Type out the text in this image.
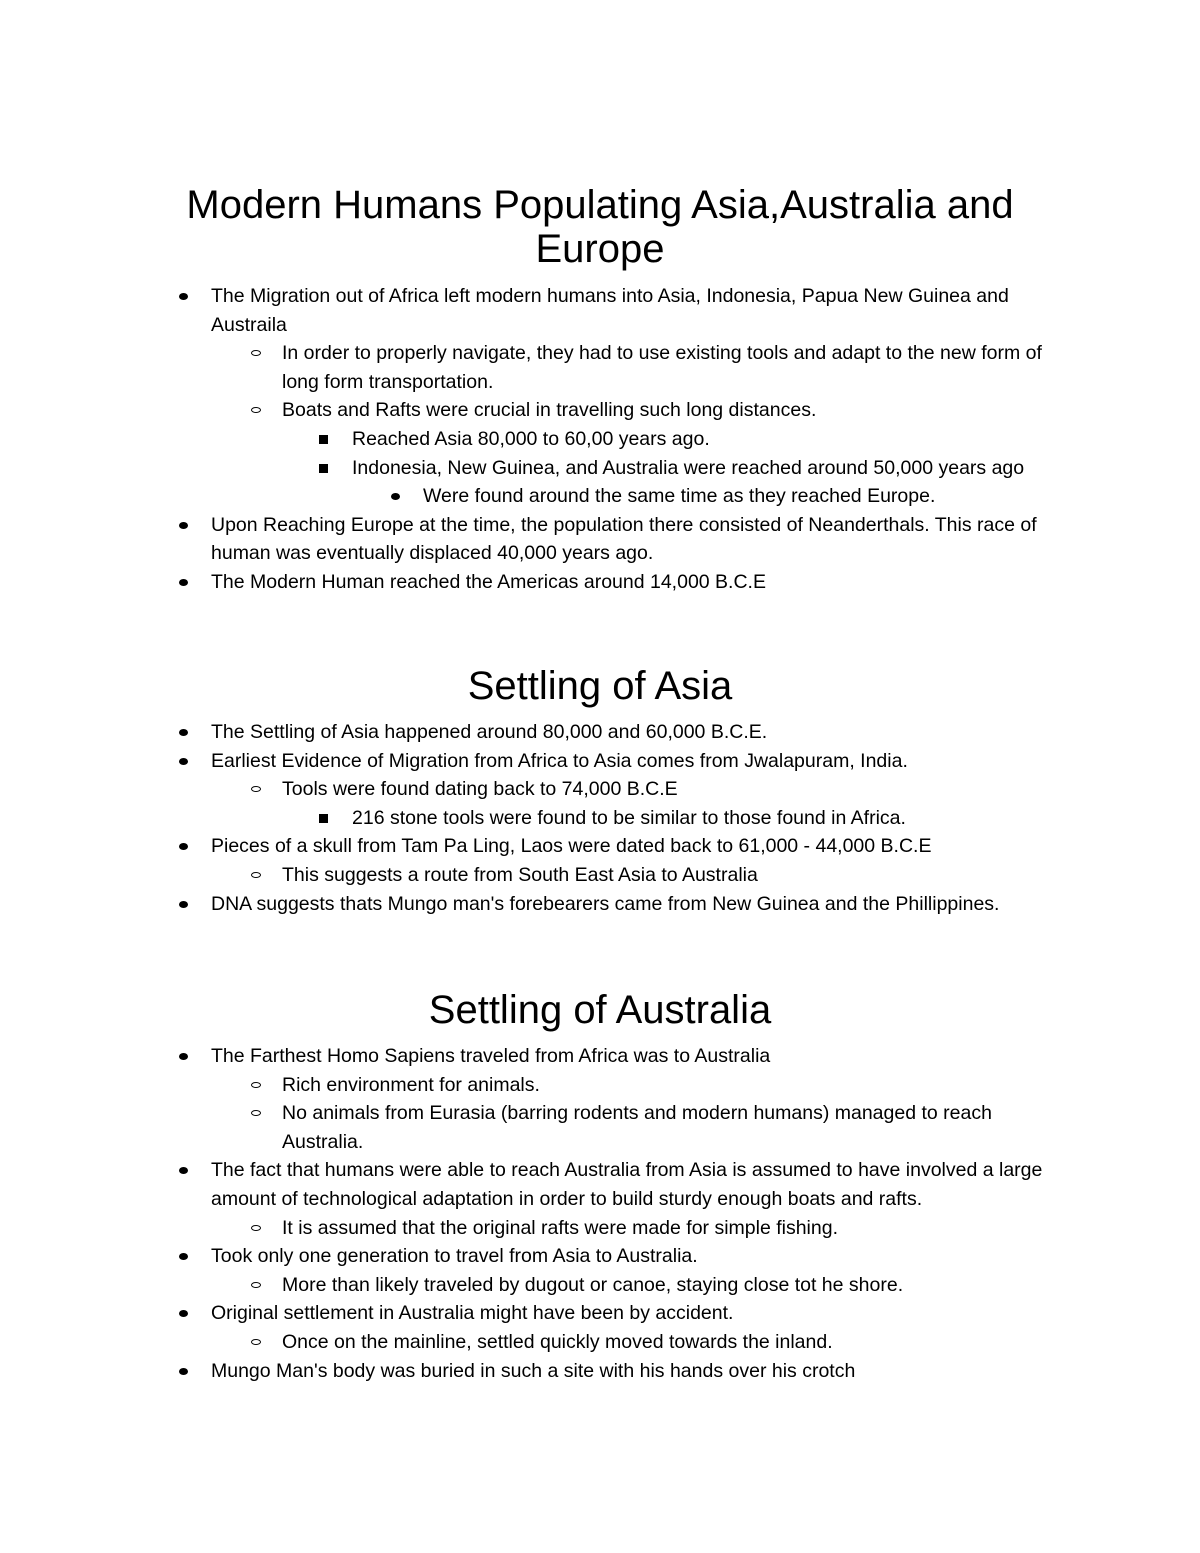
Modern Humans Populating Asia,Australia and
Europe
The Migration out of Africa left modern humans into Asia, Indonesia, Papua New Guinea and Austraila
In order to properly navigate, they had to use existing tools and adapt to the new form of long form transportation.
Boats and Rafts were crucial in travelling such long distances.
Reached Asia 80,000 to 60,00 years ago.
Indonesia, New Guinea, and Australia were reached around 50,000 years ago
Were found around the same time as they reached Europe.
Upon Reaching Europe at the time, the population there consisted of Neanderthals. This race of human was eventually displaced 40,000 years ago.
The Modern Human reached the Americas around 14,000 B.C.E
Settling of Asia
The Settling of Asia happened around 80,000 and 60,000 B.C.E.
Earliest Evidence of Migration from Africa to Asia comes from Jwalapuram, India.
Tools were found dating back to 74,000 B.C.E
216 stone tools were found to be similar to those found in Africa.
Pieces of a skull from Tam Pa Ling, Laos were dated back to 61,000 - 44,000 B.C.E
This suggests a route from South East Asia to Australia
DNA suggests thats Mungo man's forebearers came from New Guinea and the Phillippines.
Settling of Australia
The Farthest Homo Sapiens traveled from Africa was to Australia
Rich environment for animals.
No animals from Eurasia (barring rodents and modern humans) managed to reach Australia.
The fact that humans were able to reach Australia from Asia is assumed to have involved a large amount of technological adaptation in order to build sturdy enough boats and rafts.
It is assumed that the original rafts were made for simple fishing.
Took only one generation to travel from Asia to Australia.
More than likely traveled by dugout or canoe, staying close tot he shore.
Original settlement in Australia might have been by accident.
Once on the mainline, settled quickly moved towards the inland.
Mungo Man's body was buried in such a site with his hands over his crotch
